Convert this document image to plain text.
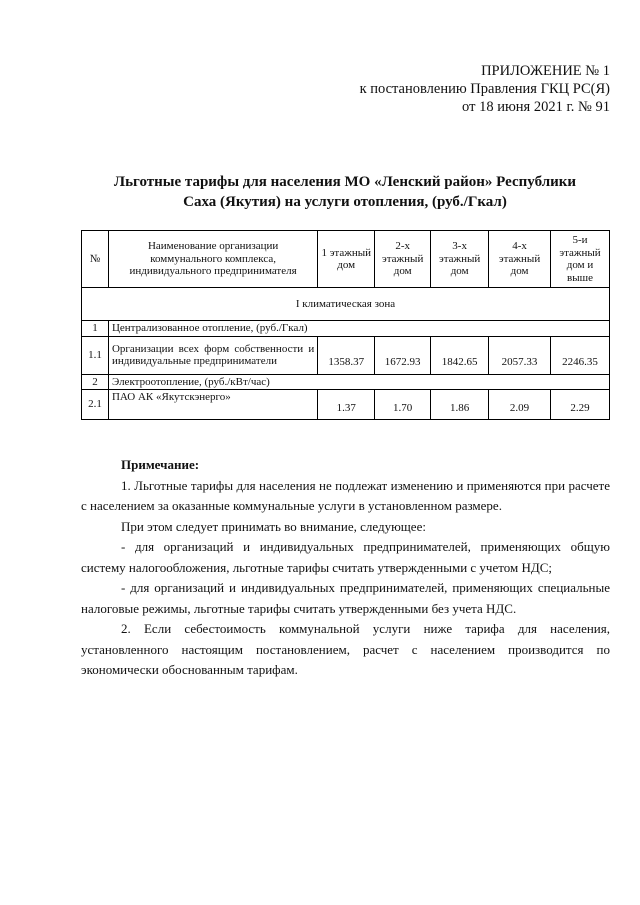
ПРИЛОЖЕНИЕ № 1
к постановлению Правления ГКЦ РС(Я)
от 18 июня 2021 г. № 91
Льготные тарифы для населения МО «Ленский район» Республики
Саха (Якутия) на услуги отопления, (руб./Гкал)
№	Наименование организации коммунального комплекса, индивидуального предпринимателя	1 этажный дом	2-х этажный дом	3-х этажный дом	4-х этажный дом	5-и этажный дом и выше
I климатическая зона						
1	Централизованное отопление, (руб./Гкал)					
1.1	Организации всех форм собственности и индивидуальные предприниматели	1358.37	1672.93	1842.65	2057.33	2246.35
2	Электроотопление, (руб./кВт/час)					
2.1	ПАО АК «Якутскэнерго»	1.37	1.70	1.86	2.09	2.29

Примечание:

1. Льготные тарифы для населения не подлежат изменению и применяются при расчете с населением за оказанные коммунальные услуги в установленном размере.

При этом следует принимать во внимание, следующее:

- для организаций и индивидуальных предпринимателей, применяющих общую систему налогообложения, льготные тарифы считать утвержденными с учетом НДС;

- для организаций и индивидуальных предпринимателей, применяющих специальные налоговые режимы, льготные тарифы считать утвержденными без учета НДС.

2. Если себестоимость коммунальной услуги ниже тарифа для населения, установленного настоящим постановлением, расчет с населением производится по экономически обоснованным тарифам.
